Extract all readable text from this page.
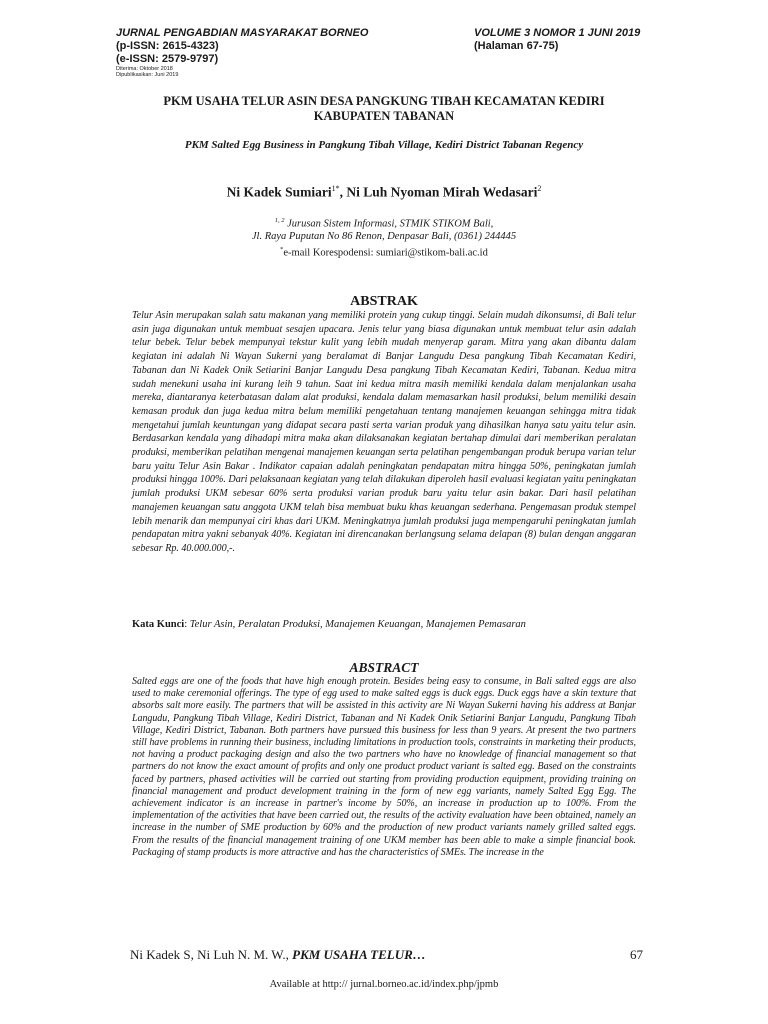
JURNAL PENGABDIAN MASYARAKAT BORNEO
(p-ISSN: 2615-4323)
(e-ISSN: 2579-9797)
Diterima: Oktober 2018
Dipublikasikan: Juni 2019
VOLUME 3 NOMOR 1 JUNI 2019
(Halaman 67-75)
PKM USAHA TELUR ASIN DESA PANGKUNG TIBAH KECAMATAN KEDIRI
KABUPATEN TABANAN
PKM Salted Egg Business in Pangkung Tibah Village, Kediri District Tabanan Regency
Ni Kadek Sumiari$^{1*}$, Ni Luh Nyoman Mirah Wedasari$^2$
$^{1, 2}$ Jurusan Sistem Informasi, STMIK STIKOM Bali,
Jl. Raya Puputan No 86 Renon, Denpasar Bali, (0361) 244445
*e-mail Korespodensi: sumiari@stikom-bali.ac.id
ABSTRAK
Telur Asin merupakan salah satu makanan yang memiliki protein yang cukup tinggi. Selain mudah dikonsumsi, di Bali telur asin juga digunakan untuk membuat sesajen upacara. Jenis telur yang biasa digunakan untuk membuat telur asin adalah telur bebek. Telur bebek mempunyai tekstur kulit yang lebih mudah menyerap garam. Mitra yang akan dibantu dalam kegiatan ini adalah Ni Wayan Sukerni yang beralamat di Banjar Langudu Desa pangkung Tibah Kecamatan Kediri, Tabanan dan Ni Kadek Onik Setiarini Banjar Langudu Desa pangkung Tibah Kecamatan Kediri, Tabanan. Kedua mitra sudah menekuni usaha ini kurang leih 9 tahun. Saat ini kedua mitra masih memiliki kendala dalam menjalankan usaha mereka, diantaranya keterbatasan dalam alat produksi, kendala dalam memasarkan hasil produksi, belum memiliki desain kemasan produk dan juga kedua mitra belum memiliki pengetahuan tentang manajemen keuangan sehingga mitra tidak mengetahui jumlah keuntungan yang didapat secara pasti serta varian produk yang dihasilkan hanya satu yaitu telur asin. Berdasarkan kendala yang dihadapi mitra maka akan dilaksanakan kegiatan bertahap dimulai dari memberikan peralatan produksi, memberikan pelatihan mengenai manajemen keuangan serta pelatihan pengembangan produk berupa varian telur baru yaitu Telur Asin Bakar . Indikator capaian adalah peningkatan pendapatan mitra hingga 50%, peningkatan jumlah produksi hingga 100%. Dari pelaksanaan kegiatan yang telah dilakukan diperoleh hasil evaluasi kegiatan yaitu peningkatan jumlah produksi UKM sebesar 60% serta produksi varian produk baru yaitu telur asin bakar. Dari hasil pelatihan manajemen keuangan satu anggota UKM telah bisa membuat buku khas keuangan sederhana. Pengemasan produk stempel lebih menarik dan mempunyai ciri khas dari UKM. Meningkatnya jumlah produksi juga mempengaruhi peningkatan jumlah pendapatan mitra yakni sebanyak 40%. Kegiatan ini direncanakan berlangsung selama delapan (8) bulan dengan anggaran sebesar Rp. 40.000.000,-.
Kata Kunci: Telur Asin, Peralatan Produksi, Manajemen Keuangan, Manajemen Pemasaran
ABSTRACT
Salted eggs are one of the foods that have high enough protein. Besides being easy to consume, in Bali salted eggs are also used to make ceremonial offerings. The type of egg used to make salted eggs is duck eggs. Duck eggs have a skin texture that absorbs salt more easily. The partners that will be assisted in this activity are Ni Wayan Sukerni having his address at Banjar Langudu, Pangkung Tibah Village, Kediri District, Tabanan and Ni Kadek Onik Setiarini Banjar Langudu, Pangkung Tibah Village, Kediri District, Tabanan. Both partners have pursued this business for less than 9 years. At present the two partners still have problems in running their business, including limitations in production tools, constraints in marketing their products, not having a product packaging design and also the two partners who have no knowledge of financial management so that partners do not know the exact amount of profits and only one product product variant is salted egg. Based on the constraints faced by partners, phased activities will be carried out starting from providing production equipment, providing training on financial management and product development training in the form of new egg variants, namely Salted Egg Egg. The achievement indicator is an increase in partner's income by 50%, an increase in production up to 100%. From the implementation of the activities that have been carried out, the results of the activity evaluation have been obtained, namely an increase in the number of SME production by 60% and the production of new product variants namely grilled salted eggs. From the results of the financial management training of one UKM member has been able to make a simple financial book. Packaging of stamp products is more attractive and has the characteristics of SMEs. The increase in the
Ni Kadek S, Ni Luh N. M. W., PKM USAHA TELUR…	67
Available at http:// jurnal.borneo.ac.id/index.php/jpmb
